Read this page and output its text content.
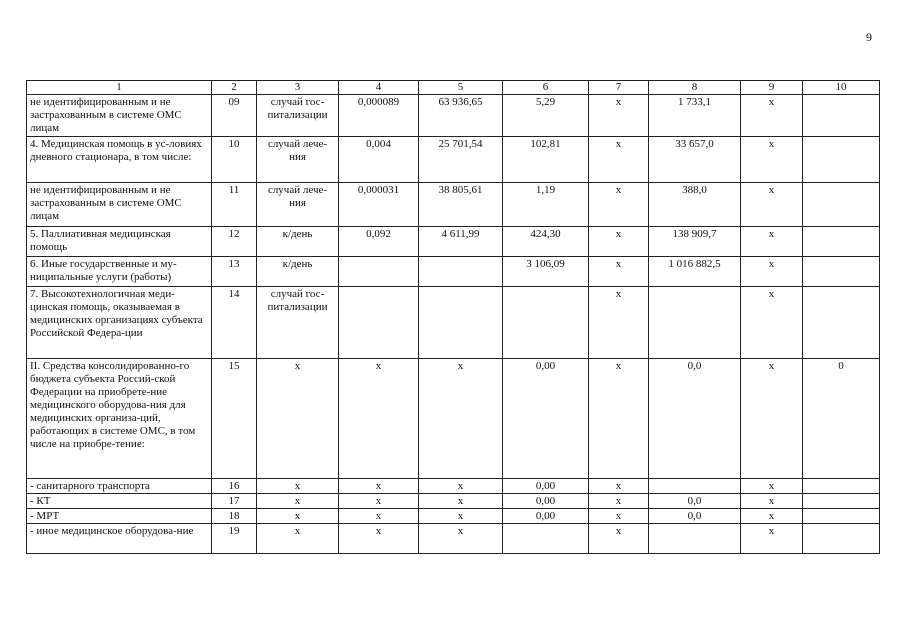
9
1	2	3	4	5	6	7	8	9	10
не идентифицированным и не застрахованным в системе ОМС лицам	09	случай гос-питализации	0,000089	63 936,65	5,29	x	1 733,1	x	
4. Медицинская помощь в ус-ловиях дневного стационара, в том числе:	10	случай лече-ния	0,004	25 701,54	102,81	x	33 657,0	x	
не идентифицированным и не застрахованным в системе ОМС лицам	11	случай лече-ния	0,000031	38 805,61	1,19	x	388,0	x	
5. Паллиативная медицинская помощь	12	к/день	0,092	4 611,99	424,30	x	138 909,7	x	
6. Иные государственные и му-ниципальные услуги (работы)	13	к/день			3 106,09	x	1 016 882,5	x	
7. Высокотехнологичная меди-цинская помощь, оказываемая в медицинских организациях субъекта Российской Федера-ции	14	случай гос-питализации				x		x	
II. Средства консолидированно-го бюджета субъекта Россий-ской Федерации на приобрете-ние медицинского оборудова-ния для медицинских организа-ций, работающих в системе ОМС, в том числе на приобре-тение:	15	x	x	x	0,00	x	0,0	x	0
- санитарного транспорта	16	x	x	x	0,00	x		x	
- КТ	17	x	x	x	0,00	x	0,0	x	
- МРТ	18	x	x	x	0,00	x	0,0	x	
- иное медицинское оборудова-ние	19	x	x	x		x		x	
